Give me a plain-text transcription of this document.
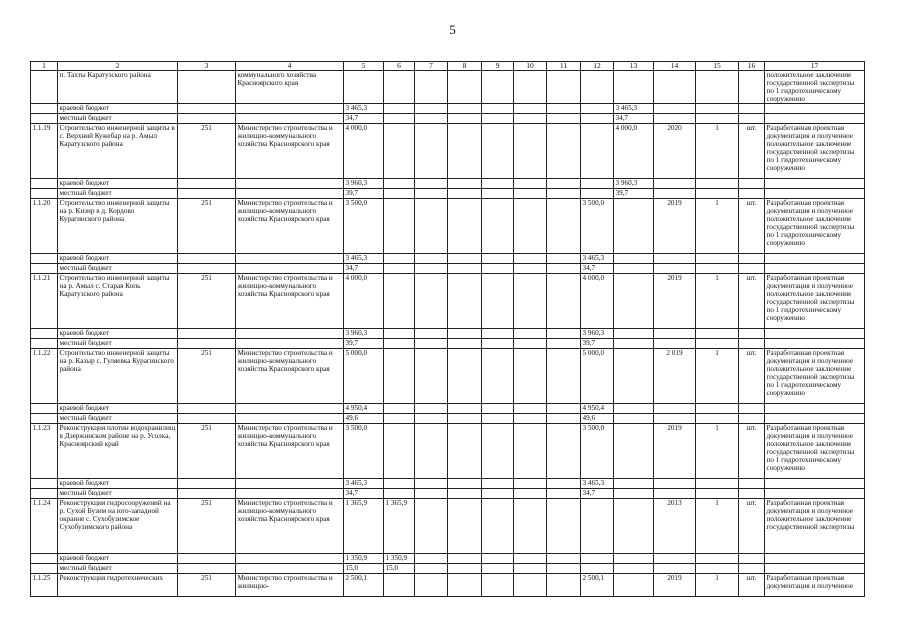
5
1	2	3	4	5	6	7	8	9	10	11	12	13	14	15	16	17
	п. Тахты Каратузского района		коммунального хозяйства Красноярского края													положительное заключение государственной экспертизы по 1 гидротехническому сооружению
	краевой бюджет			3 465,3								3 465,3				
	местный бюджет			34,7								34,7				
1.1.19	Строительство инженерной защиты в с. Верхний Кужебар на р. Амыл Каратузского района	251	Министерство строительства и жилищно-коммунального хозяйства Красноярского края	4 000,0								4 000,0	2020	1	шт.	Разработанная проектная документация и полученное положительное заключение государственной экспертизы по 1 гидротехническому сооружению
	краевой бюджет			3 960,3								3 960,3				
	местный бюджет			39,7								39,7				
1.1.20	Строительство инженерной защиты на р. Кизир в д. Кордово Курагинского района	251	Министерство строительства и жилищно-коммунального хозяйства Красноярского края	3 500,0							3 500,0		2019	1	шт.	Разработанная проектная документация и полученное положительное заключение государственной экспертизы по 1 гидротехническому сооружению
	краевой бюджет			3 465,3							3 465,3					
	местный бюджет			34,7							34,7					
1.1.21	Строительство инженерной защиты на р. Амыл с. Старая Копь Каратузского района	251	Министерство строительства и жилищно-коммунального хозяйства Красноярского края	4 000,0							4 000,0		2019	1	шт.	Разработанная проектная документация и полученное положительное заключение государственной экспертизы по 1 гидротехническому сооружению
	краевой бюджет			3 960,3							3 960,3					
	местный бюджет			39,7							39,7					
1.1.22	Строительство инженерной защиты на р. Казыр с. Гуляевка Курагинского района	251	Министерство строительства и жилищно-коммунального хозяйства Красноярского края	5 000,0							5 000,0		2 019	1	шт.	Разработанная проектная документация и полученное положительное заключение государственной экспертизы по 1 гидротехническому сооружению
	краевой бюджет			4 950,4							4 950,4					
	местный бюджет			49,6							49,6					
1.1.23	Реконструкция плотин водохранилищ в Дзержинском районе на р. Усолка, Красноярский край	251	Министерство строительства и жилищно-коммунального хозяйства Красноярского края	3 500,0							3 500,0		2019	1	шт.	Разработанная проектная документация и полученное положительное заключение государственной экспертизы по 1 гидротехническому сооружению
	краевой бюджет			3 465,3							3 465,3					
	местный бюджет			34,7							34,7					
1.1.24	Реконструкция гидросооружений на р. Сухой Бузим на юго-западной окраине с. Сухобузимское Сухобузимского района	251	Министерство строительства и жилищно-коммунального хозяйства Красноярского края	1 365,9	1 365,9								2013	1	шт.	Разработанная проектная документация и полученное положительное заключение государственной экспертизы
	краевой бюджет			1 350,9	1 350,9											
	местный бюджет			15,0	15,0											
1.1.25	Реконструкция гидротехнических	251	Министерство строительства и жилищно-	2 500,1							2 500,1		2019	1	шт.	Разработанная проектная документация и полученное
